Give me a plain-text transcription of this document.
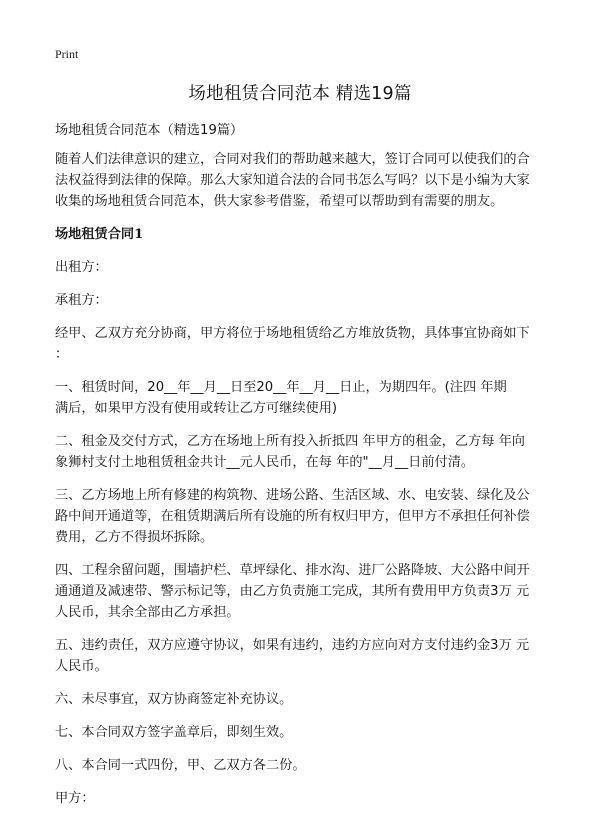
Print
场地租赁合同范本 精选19篇

场地租赁合同范本（精选19篇）

随着人们法律意识的建立，合同对我们的帮助越来越大，签订合同可以使我们的合
法权益得到法律的保障。那么大家知道合法的合同书怎么写吗？以下是小编为大家
收集的场地租赁合同范本，供大家参考借鉴，希望可以帮助到有需要的朋友。

场地租赁合同1

出租方：

承租方：

经甲、乙双方充分协商，甲方将位于场地租赁给乙方堆放货物，具体事宜协商如下
：

一、租赁时间，20__年__月__日至20__年__月__日止，为期四年。(注四 年期
满后，如果甲方没有使用或转让乙方可继续使用)

二、租金及交付方式，乙方在场地上所有投入折抵四 年甲方的租金，乙方每 年向
象狮村支付土地租赁租金共计__元人民币，在每 年的"__月__日前付清。

三、乙方场地上所有修建的构筑物、进场公路、生活区域、水、电安装、绿化及公
路中间开通道等，在租赁期满后所有设施的所有权归甲方，但甲方不承担任何补偿
费用，乙方不得损坏拆除。

四、工程余留问题，围墙护栏、草坪绿化、排水沟、进厂公路降坡、大公路中间开
通通道及减速带、警示标记等，由乙方负责施工完成，其所有费用甲方负责3万 元
人民币，其余全部由乙方承担。

五、违约责任，双方应遵守协议，如果有违约，违约方应向对方支付违约金3万 元
人民币。

六、未尽事宜，双方协商签定补充协议。

七、本合同双方签字盖章后，即刻生效。

八、本合同一式四份，甲、乙双方各二份。

甲方：
